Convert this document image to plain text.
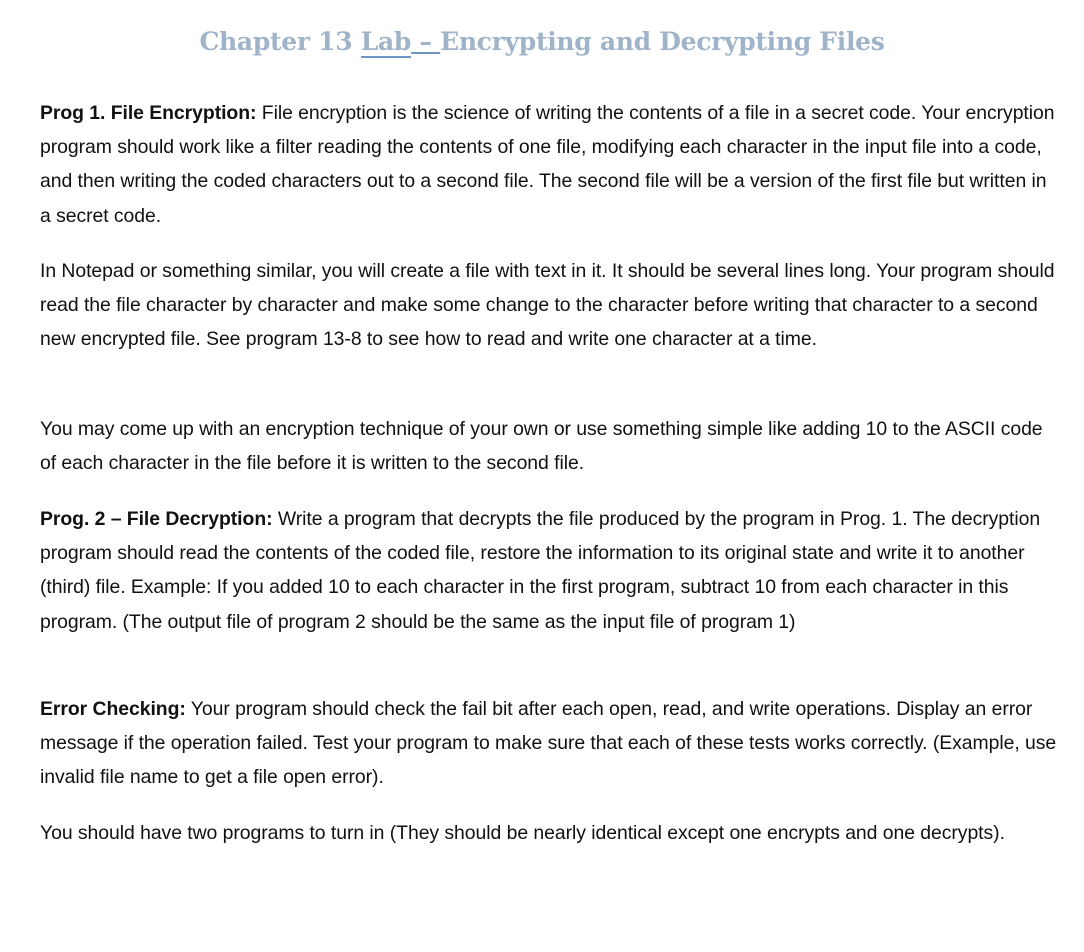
Chapter 13 Lab – Encrypting and Decrypting Files

Prog 1. File Encryption: File encryption is the science of writing the contents of a file in a secret code. Your encryption program should work like a filter reading the contents of one file, modifying each character in the input file into a code, and then writing the coded characters out to a second file. The second file will be a version of the first file but written in a secret code.

In Notepad or something similar, you will create a file with text in it. It should be several lines long. Your program should read the file character by character and make some change to the character before writing that character to a second new encrypted file. See program 13-8 to see how to read and write one character at a time.

You may come up with an encryption technique of your own or use something simple like adding 10 to the ASCII code of each character in the file before it is written to the second file.

Prog. 2 – File Decryption: Write a program that decrypts the file produced by the program in Prog. 1. The decryption program should read the contents of the coded file, restore the information to its original state and write it to another (third) file. Example: If you added 10 to each character in the first program, subtract 10 from each character in this program. (The output file of program 2 should be the same as the input file of program 1)

Error Checking: Your program should check the fail bit after each open, read, and write operations. Display an error message if the operation failed. Test your program to make sure that each of these tests works correctly. (Example, use invalid file name to get a file open error).

You should have two programs to turn in (They should be nearly identical except one encrypts and one decrypts).
